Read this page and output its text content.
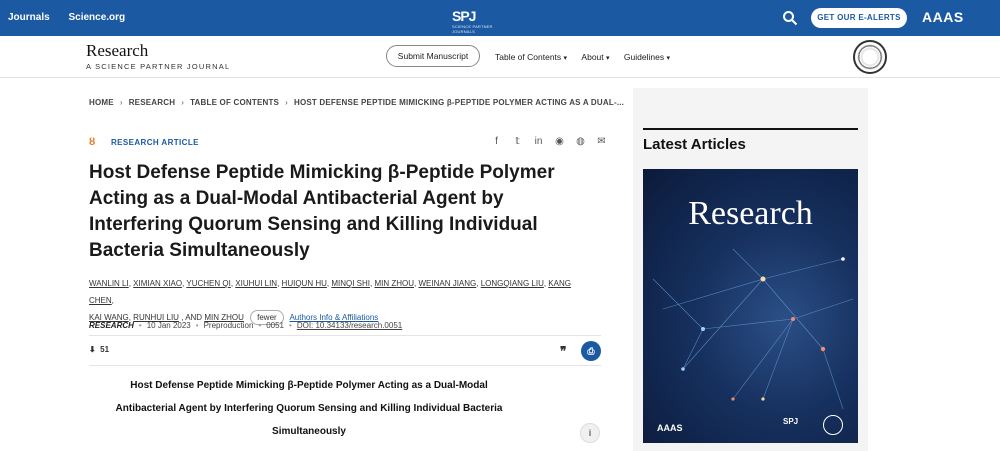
Journals Science.org	SPJ
SCIENCE PARTNER JOURNALS
GET OUR E-ALERTS	AAAS
Research
A SCIENCE PARTNER JOURNAL
Submit Manuscript	Table of Contents ▾ About ▾ Guidelines ▾
HOME › RESEARCH › TABLE OF CONTENTS › HOST DEFENSE PEPTIDE MIMICKING β-PEPTIDE POLYMER ACTING AS A DUAL-...
ȣ RESEARCH ARTICLE	f 𝕥 in ◉ ◍ ✉
Host Defense Peptide Mimicking β-Peptide Polymer Acting as a Dual-Modal Antibacterial Agent by Interfering Quorum Sensing and Killing Individual Bacteria Simultaneously
WANLIN LI, XIMIAN XIAO, YUCHEN QI, XIUHUI LIN, HUIQUN HU, MINQI SHI, MIN ZHOU, WEINAN JIANG, LONGQIANG LIU, KANG CHEN,
KAI WANG, RUNHUI LIU , AND MIN ZHOU fewer Authors Info & Affiliations
RESEARCH • 10 Jan 2023 • Preproduction • 0051 • DOI: 10.34133/research.0051
⬇ 51	❞	⎙
Host Defense Peptide Mimicking β-Peptide Polymer Acting as a Dual-Modal
Antibacterial Agent by Interfering Quorum Sensing and Killing Individual Bacteria
Simultaneously	i
Latest Articles
Research
AAAS
SPJ
